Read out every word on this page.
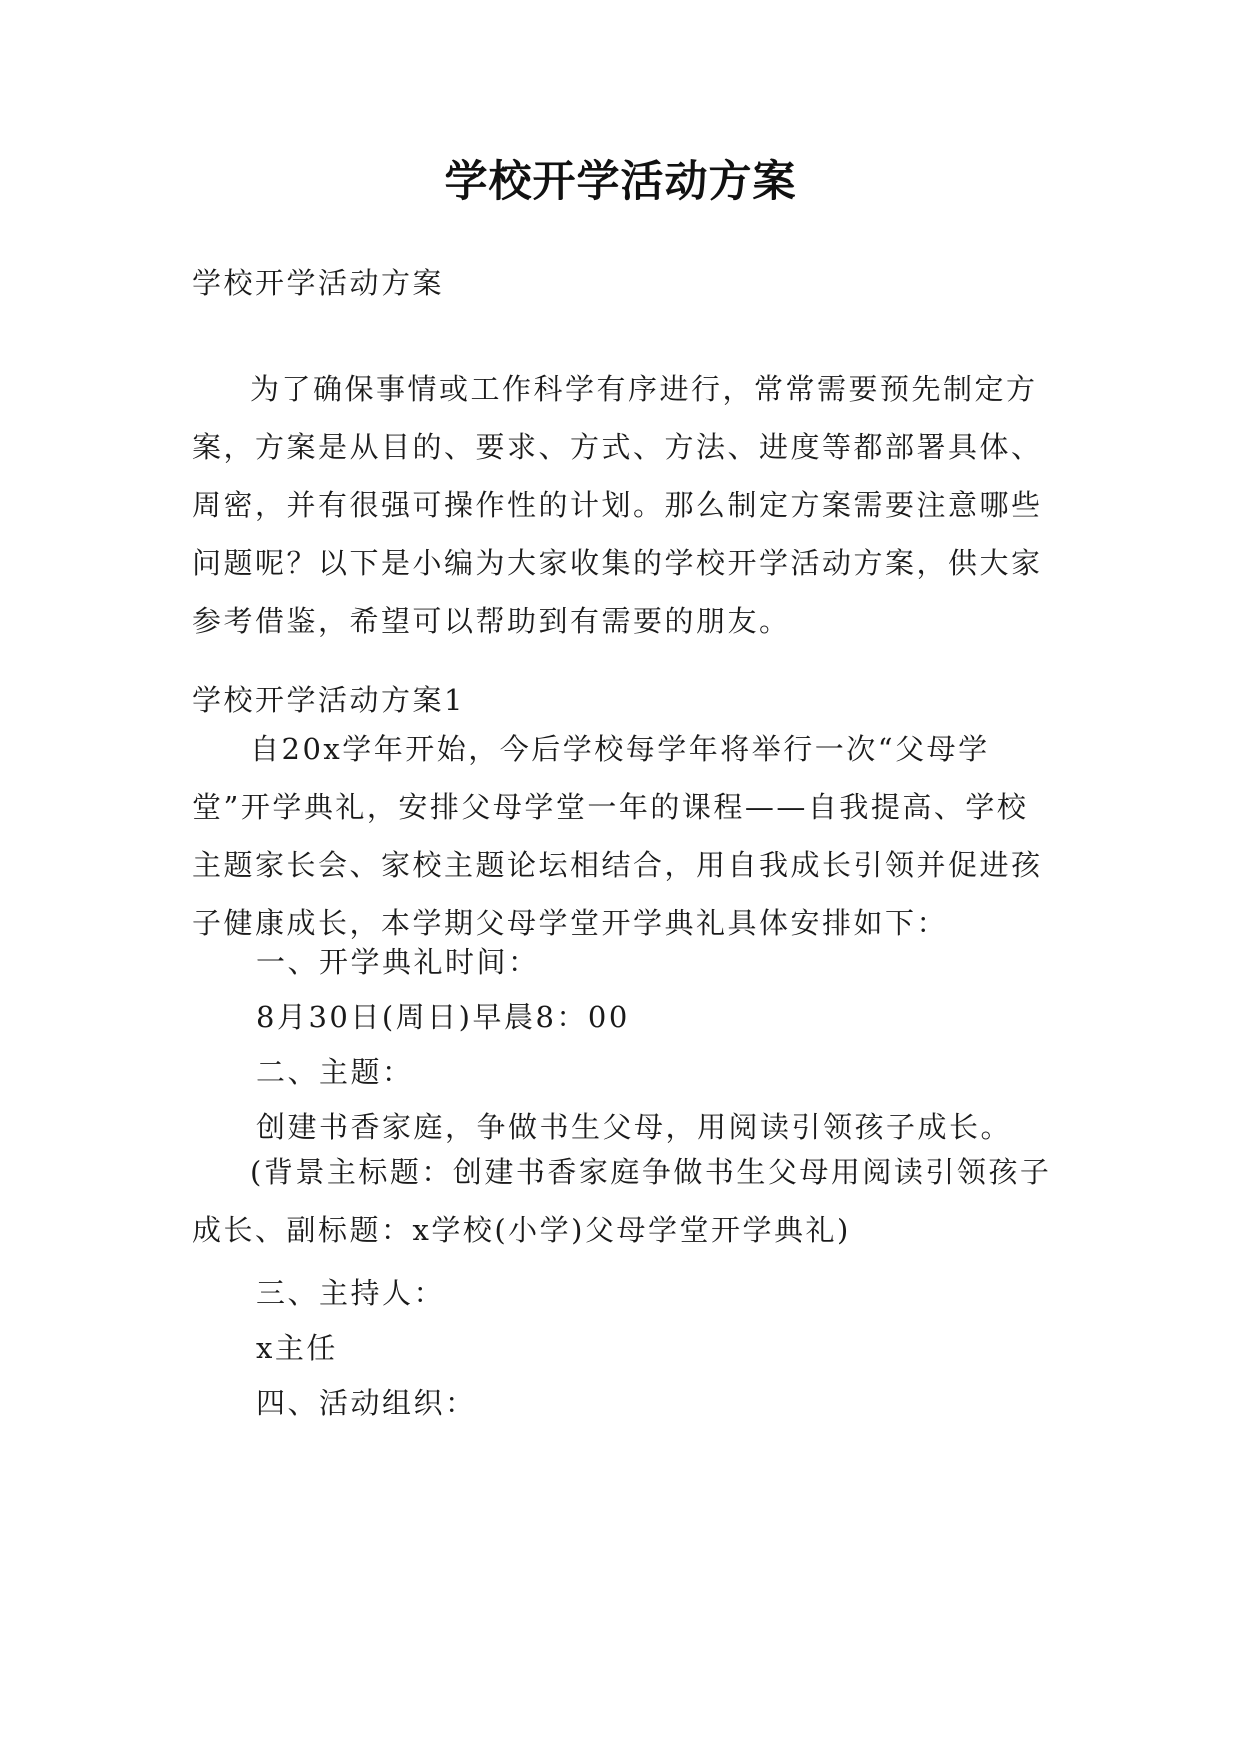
学校开学活动方案

学校开学活动方案

为了确保事情或工作科学有序进行，常常需要预先制定方案，方案是从目的、要求、方式、方法、进度等都部署具体、周密，并有很强可操作性的计划。那么制定方案需要注意哪些问题呢？以下是小编为大家收集的学校开学活动方案，供大家参考借鉴，希望可以帮助到有需要的朋友。

学校开学活动方案1

自20x学年开始，今后学校每学年将举行一次“父母学堂”开学典礼，安排父母学堂一年的课程——自我提高、学校主题家长会、家校主题论坛相结合，用自我成长引领并促进孩子健康成长，本学期父母学堂开学典礼具体安排如下：

一、开学典礼时间：

8月30日(周日)早晨8：00

二、主题：

创建书香家庭，争做书生父母，用阅读引领孩子成长。

(背景主标题：创建书香家庭争做书生父母用阅读引领孩子成长、副标题：x学校(小学)父母学堂开学典礼)

三、主持人：

x主任

四、活动组织：
